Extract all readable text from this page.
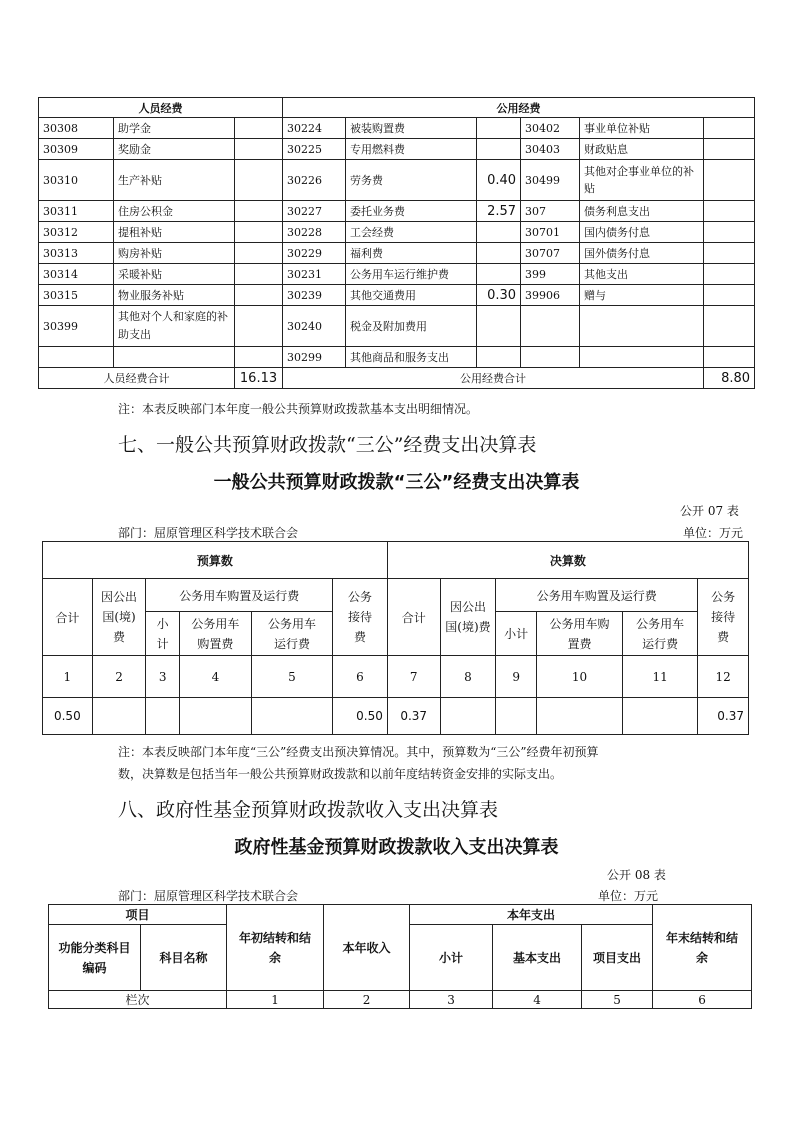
人员经费			公用经费					
30308	助学金		30224	被装购置费		30402	事业单位补贴	
30309	奖励金		30225	专用燃料费		30403	财政贴息	
30310	生产补贴		30226	劳务费	0.40	30499	其他对企事业单位的补贴	
30311	住房公积金		30227	委托业务费	2.57	307	债务利息支出	
30312	提租补贴		30228	工会经费		30701	国内债务付息	
30313	购房补贴		30229	福利费		30707	国外债务付息	
30314	采暖补贴		30231	公务用车运行维护费		399	其他支出	
30315	物业服务补贴		30239	其他交通费用	0.30	39906	赠与	
30399	其他对个人和家庭的补助支出		30240	税金及附加费用				
			30299	其他商品和服务支出				
人员经费合计		16.13	公用经费合计					8.80
注：本表反映部门本年度一般公共预算财政拨款基本支出明细情况。
七、一般公共预算财政拨款“三公”经费支出决算表
一般公共预算财政拨款“三公”经费支出决算表
公开 07 表
部门：屈原管理区科学技术联合会	单位：万元
预算数						决算数					
合计	因公出国(境)费	公务用车购置及运行费			公务接待费	合计	因公出国(境)费	公务用车购置及运行费			公务接待费
		小计	公务用车购置费	公务用车运行费				小计	公务用车购置费	公务用车运行费	
1	2	3	4	5	6	7	8	9	10	11	12
0.50					0.50	0.37					0.37
注：本表反映部门本年度“三公”经费支出预决算情况。其中，预算数为“三公”经费年初预算
数，决算数是包括当年一般公共预算财政拨款和以前年度结转资金安排的实际支出。
八、政府性基金预算财政拨款收入支出决算表
政府性基金预算财政拨款收入支出决算表
公开 08 表
部门：屈原管理区科学技术联合会	单位：万元
项目		年初结转和结余	本年收入	本年支出			年末结转和结余
功能分类科目编码	科目名称			小计	基本支出	项目支出	
栏次		1	2	3	4	5	6
